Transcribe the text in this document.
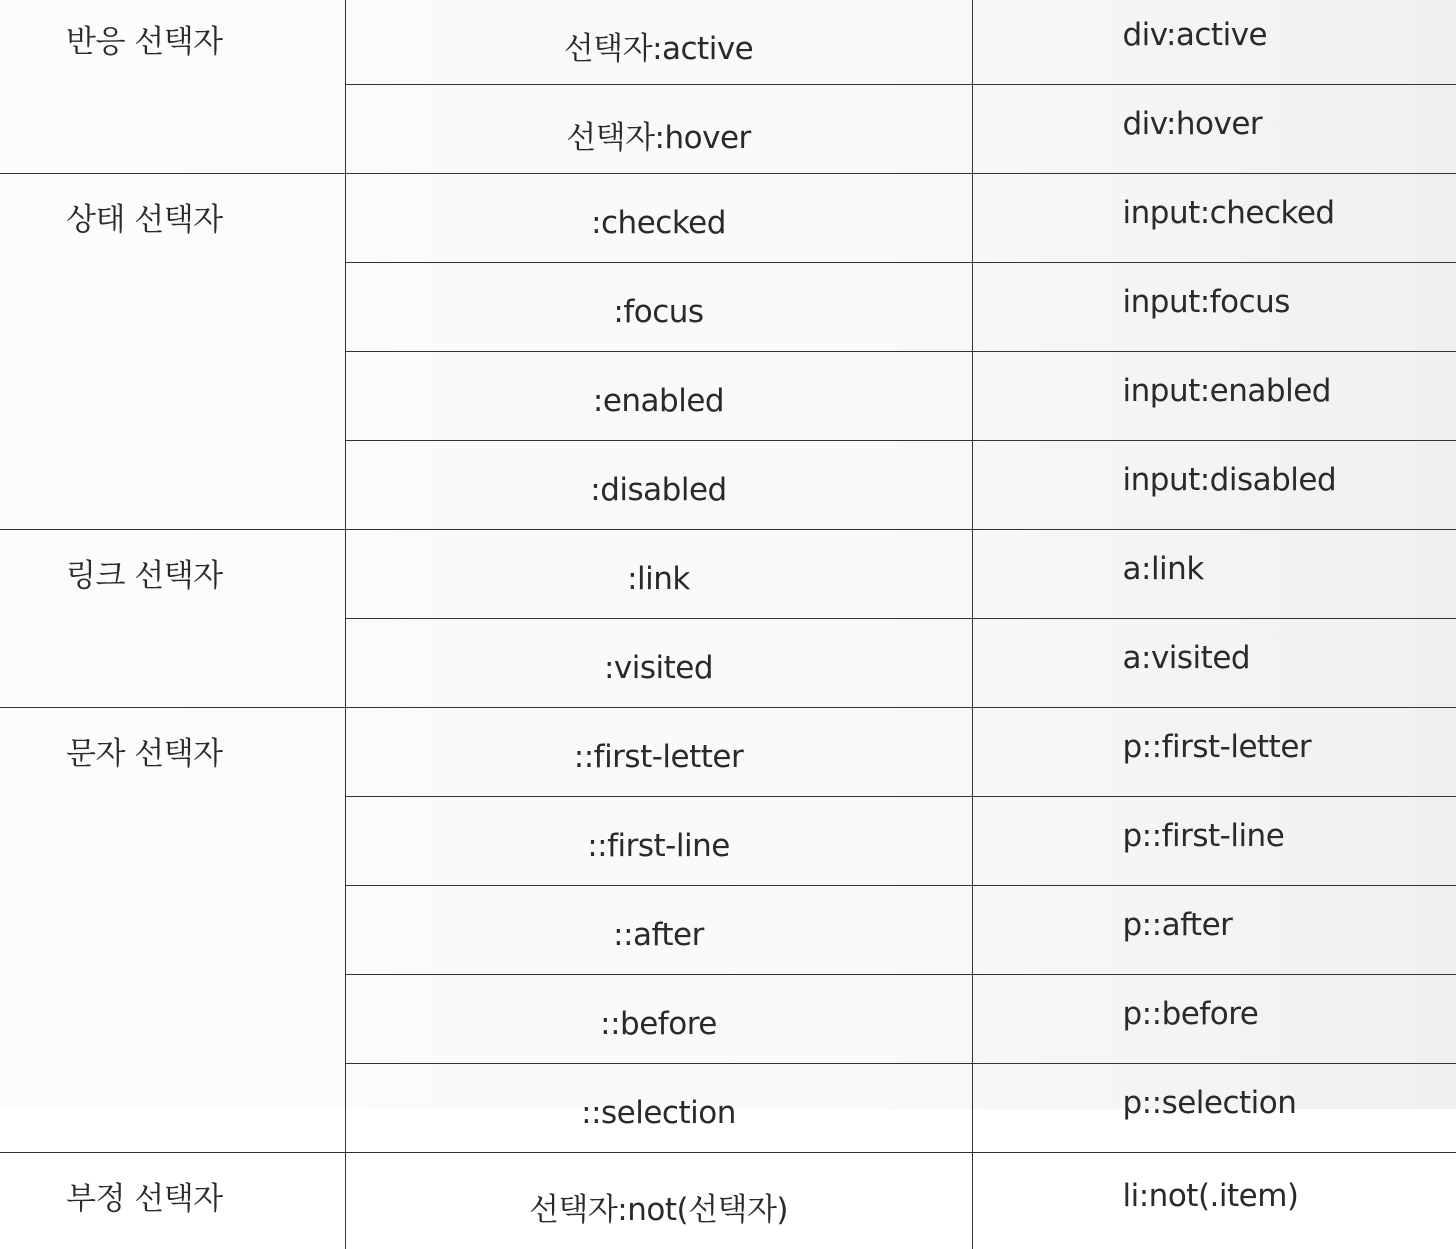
반응 선택자	선택자:active	div:active
	선택자:hover	div:hover
상태 선택자	:checked	input:checked
	:focus	input:focus
	:enabled	input:enabled
	:disabled	input:disabled
링크 선택자	:link	a:link
	:visited	a:visited
문자 선택자	::first-letter	p::first-letter
	::first-line	p::first-line
	::after	p::after
	::before	p::before
	::selection	p::selection
부정 선택자	선택자:not(선택자)	li:not(.item)
